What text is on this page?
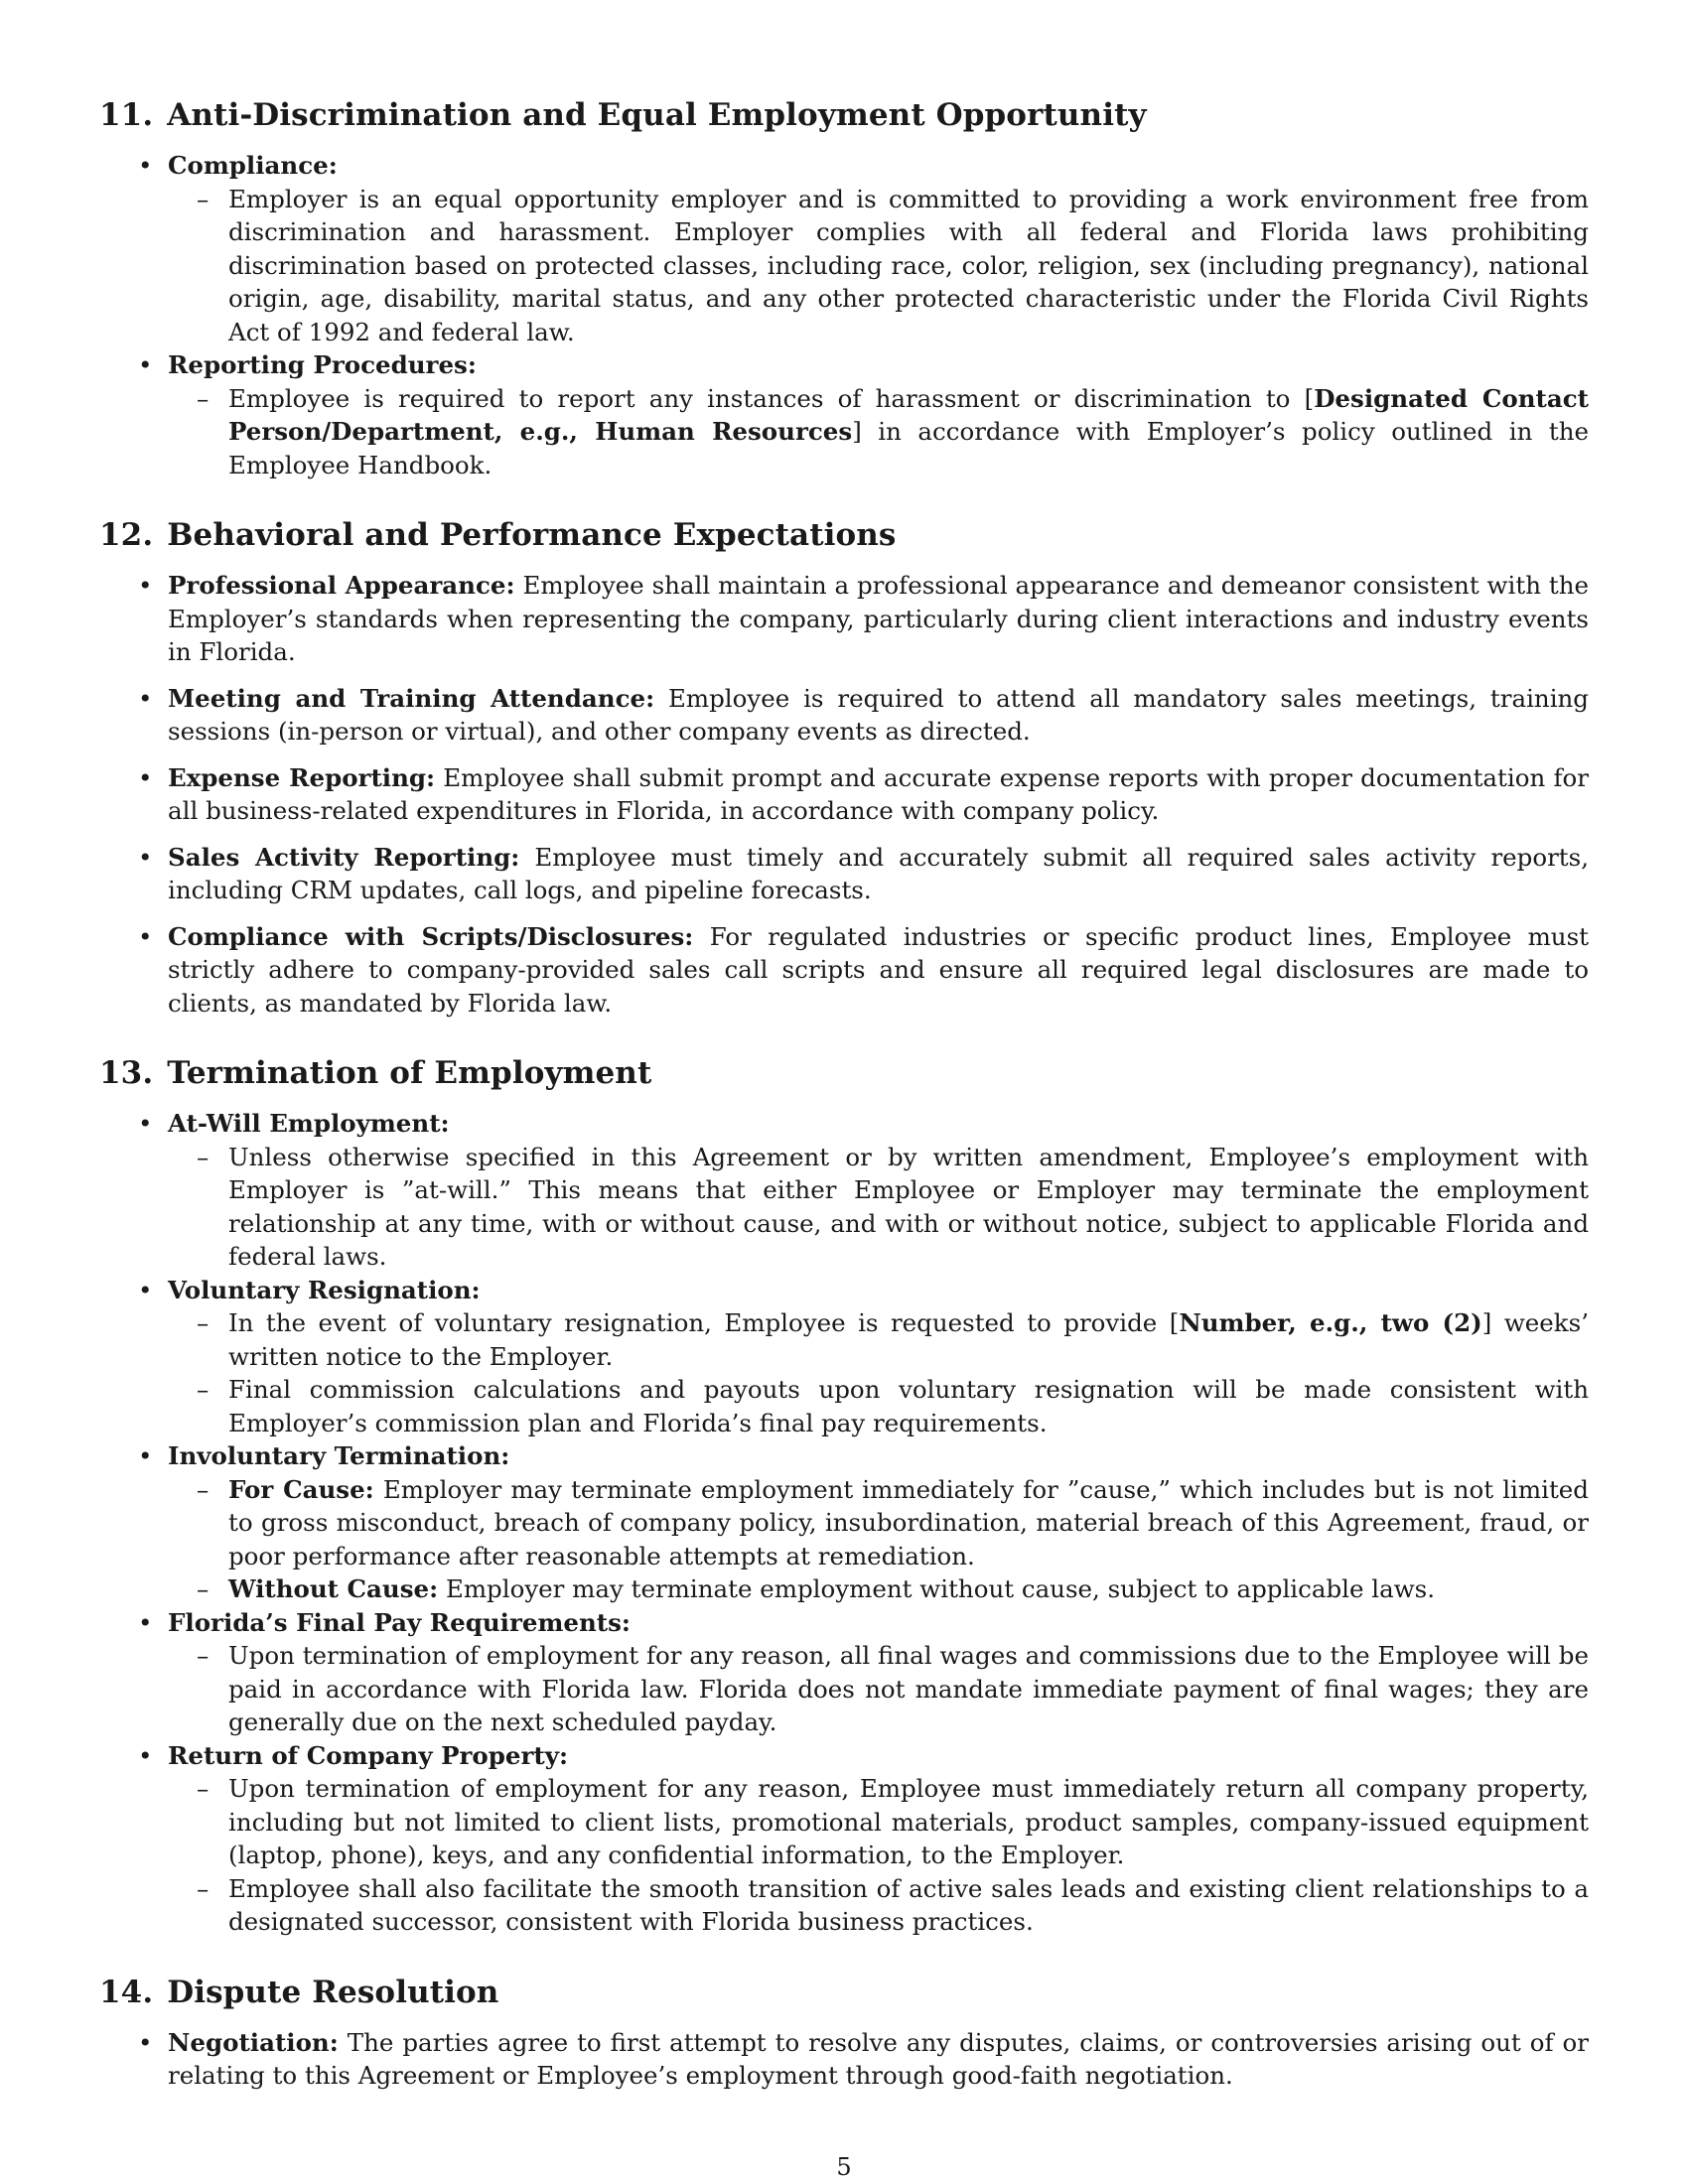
11. Anti-Discrimination and Equal Employment Opportunity
• Compliance:
– Employer is an equal opportunity employer and is committed to providing a work environment free from discrimination and harassment. Employer complies with all federal and Florida laws prohibiting discrimination based on protected classes, including race, color, religion, sex (including pregnancy), national origin, age, disability, marital status, and any other protected characteristic under the Florida Civil Rights Act of 1992 and federal law.
• Reporting Procedures:
– Employee is required to report any instances of harassment or discrimination to [Designated Contact Person/Department, e.g., Human Resources] in accordance with Employer’s policy outlined in the Employee Handbook.
12. Behavioral and Performance Expectations
• Professional Appearance: Employee shall maintain a professional appearance and demeanor consistent with the Employer’s standards when representing the company, particularly during client interactions and industry events in Florida.
• Meeting and Training Attendance: Employee is required to attend all mandatory sales meetings, training sessions (in-person or virtual), and other company events as directed.
• Expense Reporting: Employee shall submit prompt and accurate expense reports with proper documentation for all business-related expenditures in Florida, in accordance with company policy.
• Sales Activity Reporting: Employee must timely and accurately submit all required sales activity reports, including CRM updates, call logs, and pipeline forecasts.
• Compliance with Scripts/Disclosures: For regulated industries or specific product lines, Employee must strictly adhere to company-provided sales call scripts and ensure all required legal disclosures are made to clients, as mandated by Florida law.
13. Termination of Employment
• At-Will Employment:
– Unless otherwise specified in this Agreement or by written amendment, Employee’s employment with Employer is ”at-will.” This means that either Employee or Employer may terminate the employment relationship at any time, with or without cause, and with or without notice, subject to applicable Florida and federal laws.
• Voluntary Resignation:
– In the event of voluntary resignation, Employee is requested to provide [Number, e.g., two (2)] weeks’ written notice to the Employer.
– Final commission calculations and payouts upon voluntary resignation will be made consistent with Employer’s commission plan and Florida’s final pay requirements.
• Involuntary Termination:
– For Cause: Employer may terminate employment immediately for ”cause,” which includes but is not limited to gross misconduct, breach of company policy, insubordination, material breach of this Agreement, fraud, or poor performance after reasonable attempts at remediation.
– Without Cause: Employer may terminate employment without cause, subject to applicable laws.
• Florida’s Final Pay Requirements:
– Upon termination of employment for any reason, all final wages and commissions due to the Employee will be paid in accordance with Florida law. Florida does not mandate immediate payment of final wages; they are generally due on the next scheduled payday.
• Return of Company Property:
– Upon termination of employment for any reason, Employee must immediately return all company property, including but not limited to client lists, promotional materials, product samples, company-issued equipment (laptop, phone), keys, and any confidential information, to the Employer.
– Employee shall also facilitate the smooth transition of active sales leads and existing client relationships to a designated successor, consistent with Florida business practices.
14. Dispute Resolution
• Negotiation: The parties agree to first attempt to resolve any disputes, claims, or controversies arising out of or relating to this Agreement or Employee’s employment through good-faith negotiation.
5
